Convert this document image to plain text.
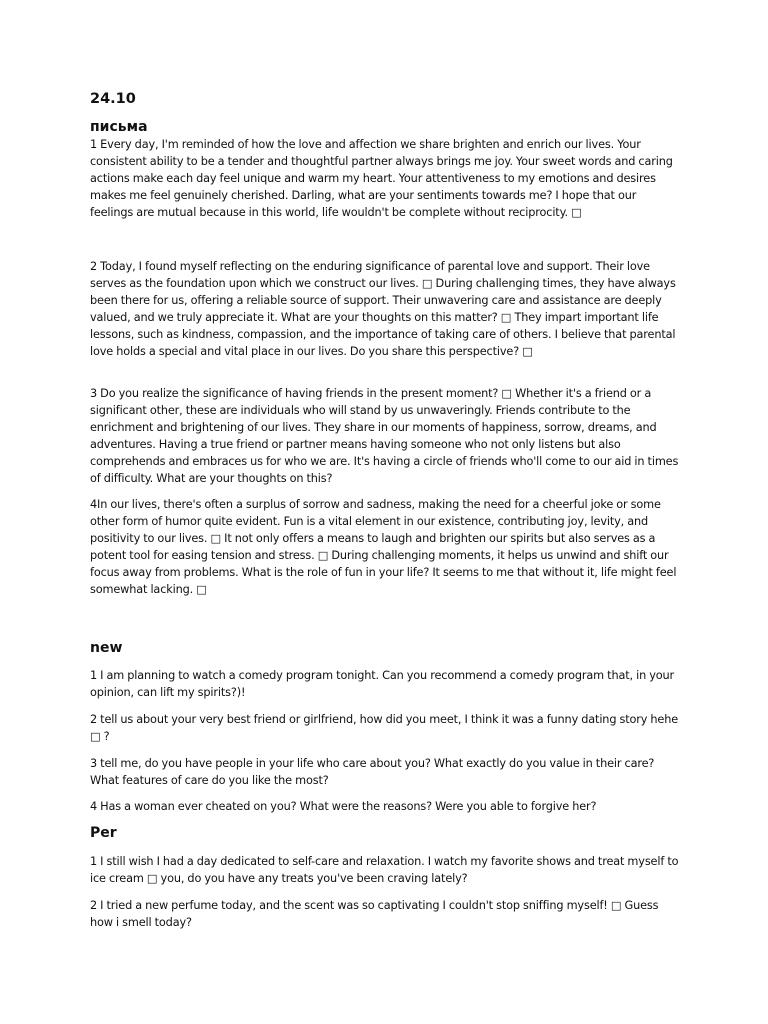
24.10

письма

1 Every day, I'm reminded of how the love and affection we share brighten and enrich our lives. Your consistent ability to be a tender and thoughtful partner always brings me joy. Your sweet words and caring actions make each day feel unique and warm my heart. Your attentiveness to my emotions and desires makes me feel genuinely cherished. Darling, what are your sentiments towards me? I hope that our feelings are mutual because in this world, life wouldn't be complete without reciprocity. □

2 Today, I found myself reflecting on the enduring significance of parental love and support. Their love serves as the foundation upon which we construct our lives. □ During challenging times, they have always been there for us, offering a reliable source of support. Their unwavering care and assistance are deeply valued, and we truly appreciate it. What are your thoughts on this matter? □ They impart important life lessons, such as kindness, compassion, and the importance of taking care of others. I believe that parental love holds a special and vital place in our lives. Do you share this perspective? □

3 Do you realize the significance of having friends in the present moment? □ Whether it's a friend or a significant other, these are individuals who will stand by us unwaveringly. Friends contribute to the enrichment and brightening of our lives. They share in our moments of happiness, sorrow, dreams, and adventures. Having a true friend or partner means having someone who not only listens but also comprehends and embraces us for who we are. It's having a circle of friends who'll come to our aid in times of difficulty. What are your thoughts on this?

4In our lives, there's often a surplus of sorrow and sadness, making the need for a cheerful joke or some other form of humor quite evident. Fun is a vital element in our existence, contributing joy, levity, and positivity to our lives. □ It not only offers a means to laugh and brighten our spirits but also serves as a potent tool for easing tension and stress. □ During challenging moments, it helps us unwind and shift our focus away from problems. What is the role of fun in your life? It seems to me that without it, life might feel somewhat lacking. □

new

1 I am planning to watch a comedy program tonight. Can you recommend a comedy program that, in your opinion, can lift my spirits?)!

2 tell us about your very best friend or girlfriend, how did you meet, I think it was a funny dating story hehe □ ?

3 tell me, do you have people in your life who care about you? What exactly do you value in their care? What features of care do you like the most?

4 Has a woman ever cheated on you? What were the reasons? Were you able to forgive her?

Per

1 I still wish I had a day dedicated to self-care and relaxation. I watch my favorite shows and treat myself to ice cream □ you, do you have any treats you've been craving lately?

2 I tried a new perfume today, and the scent was so captivating I couldn't stop sniffing myself! □ Guess how i smell today?
